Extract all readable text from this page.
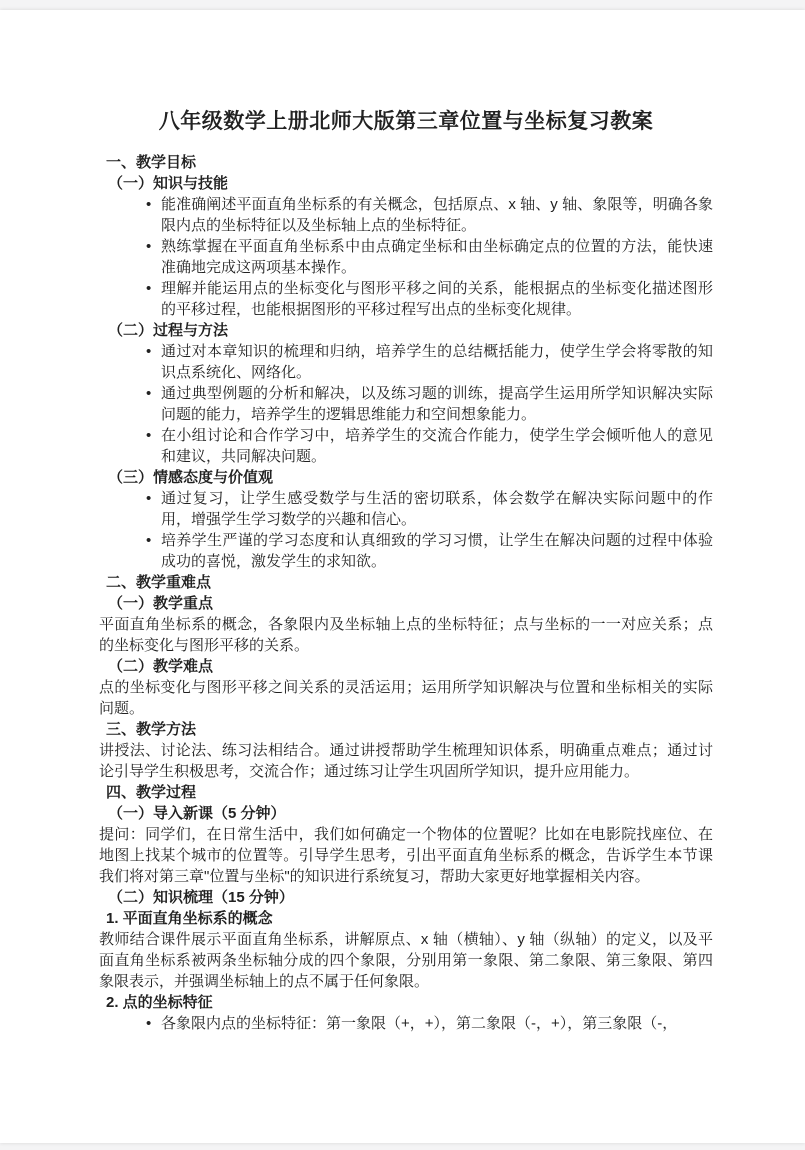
八年级数学上册北师大版第三章位置与坐标复习教案
一、教学目标
（一）知识与技能
• 能准确阐述平面直角坐标系的有关概念，包括原点、x 轴、y 轴、象限等，明确各象限内点的坐标特征以及坐标轴上点的坐标特征。
• 熟练掌握在平面直角坐标系中由点确定坐标和由坐标确定点的位置的方法，能快速准确地完成这两项基本操作。
• 理解并能运用点的坐标变化与图形平移之间的关系，能根据点的坐标变化描述图形的平移过程，也能根据图形的平移过程写出点的坐标变化规律。
（二）过程与方法
• 通过对本章知识的梳理和归纳，培养学生的总结概括能力，使学生学会将零散的知识点系统化、网络化。
• 通过典型例题的分析和解决，以及练习题的训练，提高学生运用所学知识解决实际问题的能力，培养学生的逻辑思维能力和空间想象能力。
• 在小组讨论和合作学习中，培养学生的交流合作能力，使学生学会倾听他人的意见和建议，共同解决问题。
（三）情感态度与价值观
• 通过复习，让学生感受数学与生活的密切联系，体会数学在解决实际问题中的作用，增强学生学习数学的兴趣和信心。
• 培养学生严谨的学习态度和认真细致的学习习惯，让学生在解决问题的过程中体验成功的喜悦，激发学生的求知欲。
二、教学重难点
（一）教学重点
平面直角坐标系的概念，各象限内及坐标轴上点的坐标特征；点与坐标的一一对应关系；点的坐标变化与图形平移的关系。
（二）教学难点
点的坐标变化与图形平移之间关系的灵活运用；运用所学知识解决与位置和坐标相关的实际问题。
三、教学方法
讲授法、讨论法、练习法相结合。通过讲授帮助学生梳理知识体系，明确重点难点；通过讨论引导学生积极思考，交流合作；通过练习让学生巩固所学知识，提升应用能力。
四、教学过程
（一）导入新课（5 分钟）
提问：同学们，在日常生活中，我们如何确定一个物体的位置呢？比如在电影院找座位、在地图上找某个城市的位置等。引导学生思考，引出平面直角坐标系的概念，告诉学生本节课我们将对第三章"位置与坐标"的知识进行系统复习，帮助大家更好地掌握相关内容。
（二）知识梳理（15 分钟）
1. 平面直角坐标系的概念
教师结合课件展示平面直角坐标系，讲解原点、x 轴（横轴）、y 轴（纵轴）的定义，以及平面直角坐标系被两条坐标轴分成的四个象限，分别用第一象限、第二象限、第三象限、第四象限表示，并强调坐标轴上的点不属于任何象限。
2. 点的坐标特征
• 各象限内点的坐标特征：第一象限（+，+），第二象限（-，+），第三象限（-，
